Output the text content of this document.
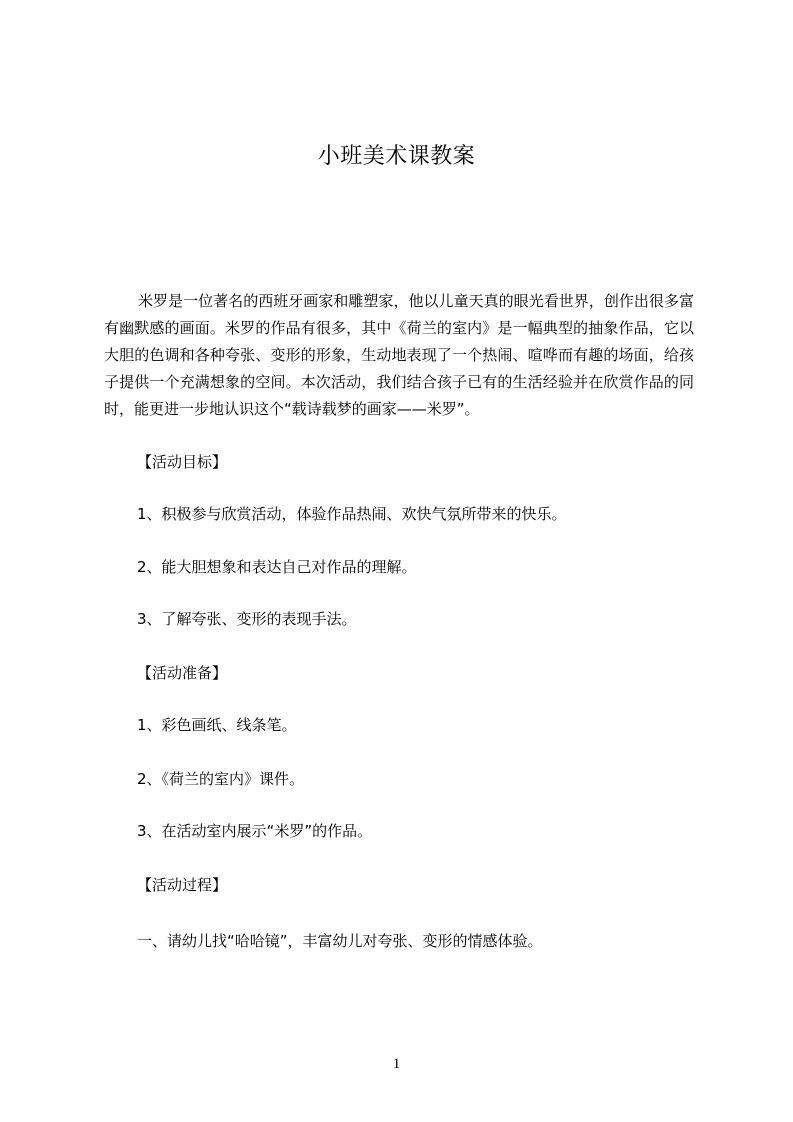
小班美术课教案

米罗是一位著名的西班牙画家和雕塑家，他以儿童天真的眼光看世界，创作出很多富有幽默感的画面。米罗的作品有很多，其中《荷兰的室内》是一幅典型的抽象作品，它以大胆的色调和各种夸张、变形的形象，生动地表现了一个热闹、喧哗而有趣的场面，给孩子提供一个充满想象的空间。本次活动，我们结合孩子已有的生活经验并在欣赏作品的同时，能更进一步地认识这个“载诗载梦的画家——米罗”。

【活动目标】
1、积极参与欣赏活动，体验作品热闹、欢快气氛所带来的快乐。
2、能大胆想象和表达自己对作品的理解。
3、了解夸张、变形的表现手法。
【活动准备】
1、彩色画纸、线条笔。
2、《荷兰的室内》课件。
3、在活动室内展示“米罗”的作品。
【活动过程】
一、请幼儿找“哈哈镜”，丰富幼儿对夸张、变形的情感体验。
1
